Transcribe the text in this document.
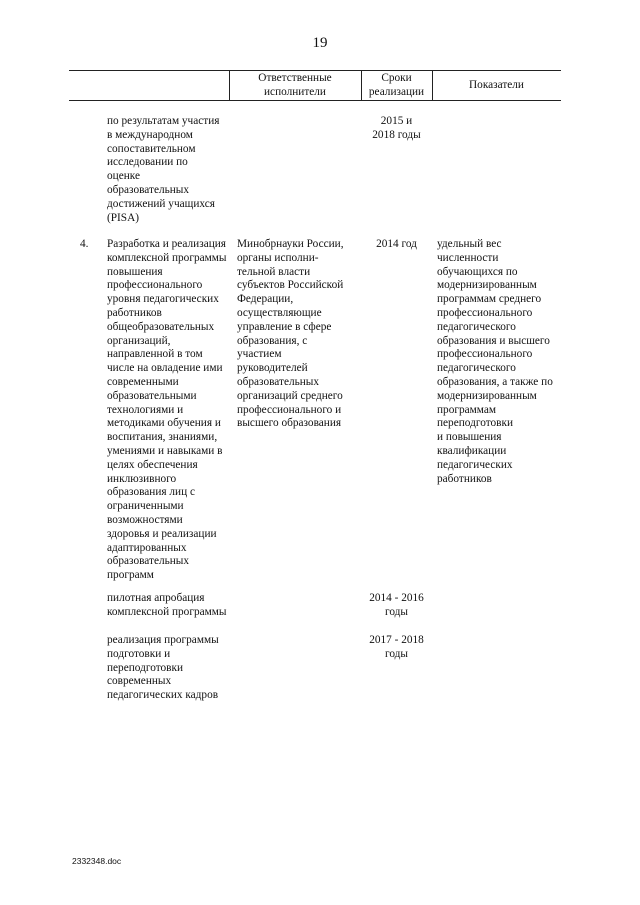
19
Ответственные
исполнители
Сроки
реализации
Показатели
по результатам участия
в международном
сопоставительном
исследовании по
оценке
образовательных
достижений учащихся
(PISA)
2015 и
2018 годы
4. Разработка и реализация
комплексной программы
повышения
профессионального
уровня педагогических
работников
общеобразовательных
организаций,
направленной в том
числе на овладение ими
современными
образовательными
технологиями и
методиками обучения и
воспитания, знаниями,
умениями и навыками в
целях обеспечения
инклюзивного
образования лиц с
ограниченными
возможностями
здоровья и реализации
адаптированных
образовательных
программ
Минобрнауки России,
органы исполни-
тельной власти
субъектов Российской
Федерации,
осуществляющие
управление в сфере
образования, с
участием
руководителей
образовательных
организаций среднего
профессионального и
высшего образования
2014 год	удельный вес
численности
обучающихся по
модернизированным
программам среднего
профессионального
педагогического
образования и высшего
профессионального
педагогического
образования, а также по
модернизированным
программам
переподготовки
и повышения
квалификации
педагогических
работников
пилотная апробация
комплексной программы
2014 - 2016
годы
реализация программы
подготовки и
переподготовки
современных
педагогических кадров
2017 - 2018
годы
2332348.doc
